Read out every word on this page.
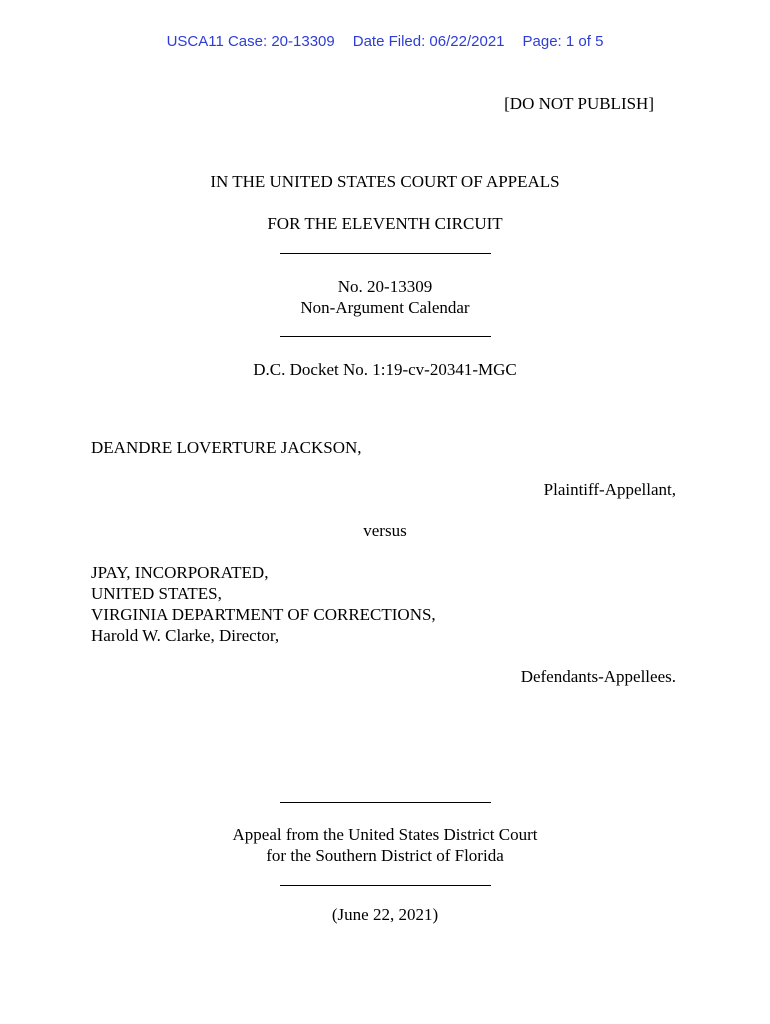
USCA11 Case: 20-13309 Date Filed: 06/22/2021 Page: 1 of 5
[DO NOT PUBLISH]
IN THE UNITED STATES COURT OF APPEALS
FOR THE ELEVENTH CIRCUIT
No. 20-13309
Non-Argument Calendar
D.C. Docket No. 1:19-cv-20341-MGC
DEANDRE LOVERTURE JACKSON,
Plaintiff-Appellant,
versus
JPAY, INCORPORATED,
UNITED STATES,
VIRGINIA DEPARTMENT OF CORRECTIONS,
Harold W. Clarke, Director,
Defendants-Appellees.
Appeal from the United States District Court
for the Southern District of Florida
(June 22, 2021)
